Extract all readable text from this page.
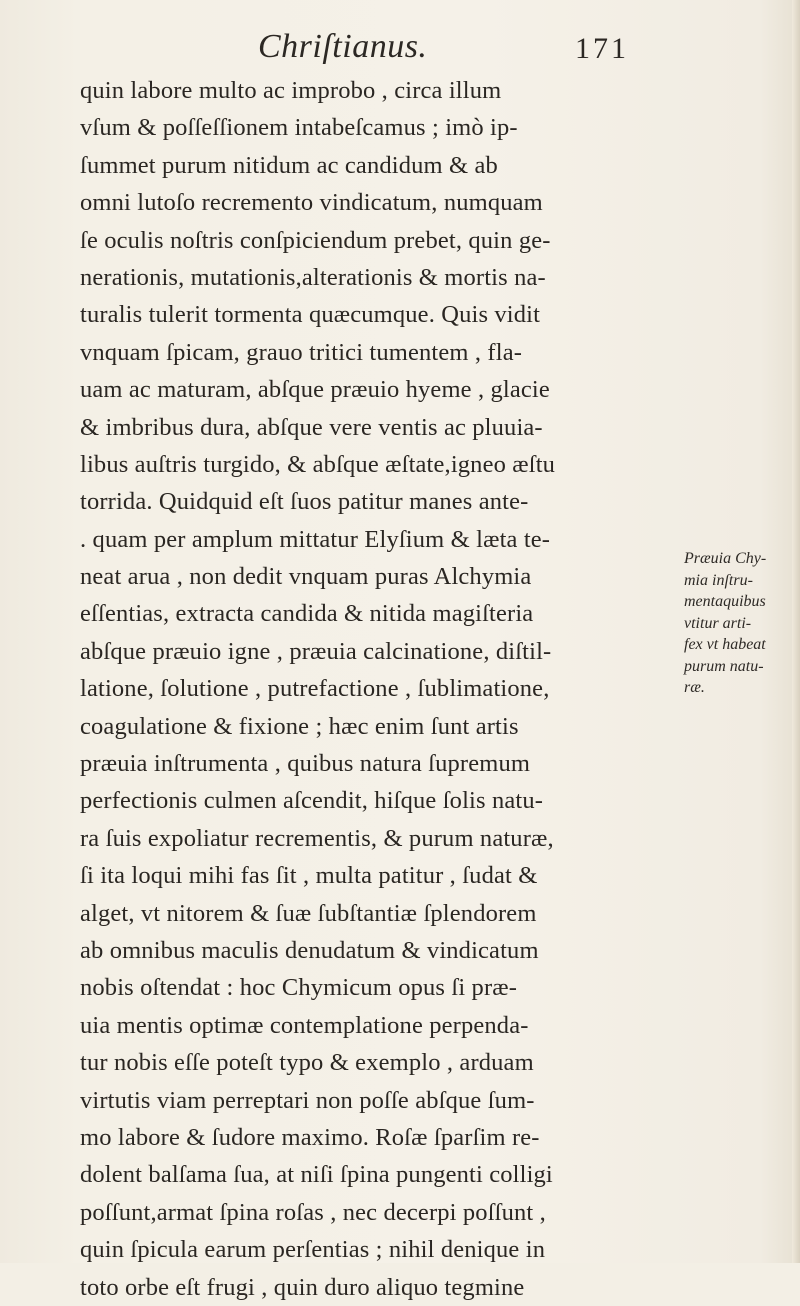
Chriſtianus.	171
quin labore multo ac improbo , circa illum
vſum & poſſeſſionem intabeſcamus ; imò ip-
ſummet purum nitidum ac candidum & ab
omni lutoſo recremento vindicatum, numquam
ſe oculis noſtris conſpiciendum prebet, quin ge-
nerationis, mutationis,alterationis & mortis na-
turalis tulerit tormenta quæcumque. Quis vidit
vnquam ſpicam, grauo tritici tumentem , fla-
uam ac maturam, abſque præuio hyeme , glacie
& imbribus dura, abſque vere ventis ac pluuia-
libus auſtris turgido, & abſque æſtate,igneo æſtu
torrida. Quidquid eſt ſuos patitur manes ante-
. quam per amplum mittatur Elyſium & læta te-
neat arua , non dedit vnquam puras Alchymia
eſſentias, extracta candida & nitida magiſteria
abſque præuio igne , præuia calcinatione, diſtil-
latione, ſolutione , putrefactione , ſublimatione,
coagulatione & fixione ; hæc enim ſunt artis
præuia inſtrumenta , quibus natura ſupremum
perfectionis culmen aſcendit, hiſque ſolis natu-
ra ſuis expoliatur recrementis, & purum naturæ,
ſi ita loqui mihi fas ſit , multa patitur , ſudat &
alget, vt nitorem & ſuæ ſubſtantiæ ſplendorem
ab omnibus maculis denudatum & vindicatum
nobis oſtendat : hoc Chymicum opus ſi præ-
uia mentis optimæ contemplatione perpenda-
tur nobis eſſe poteſt typo & exemplo , arduam
virtutis viam perreptari non poſſe abſque ſum-
mo labore & ſudore maximo. Roſæ ſparſim re-
dolent balſama ſua, at niſi ſpina pungenti colligi
poſſunt,armat ſpina roſas , nec decerpi poſſunt ,
quin ſpicula earum perſentias ; nihil denique in
toto orbe eſt frugi , quin duro aliquo tegmine
Præuia Chy-
mia inſtru-
mentaquibus
vtitur arti-
fex vt habeat
purum natu-
ræ.
